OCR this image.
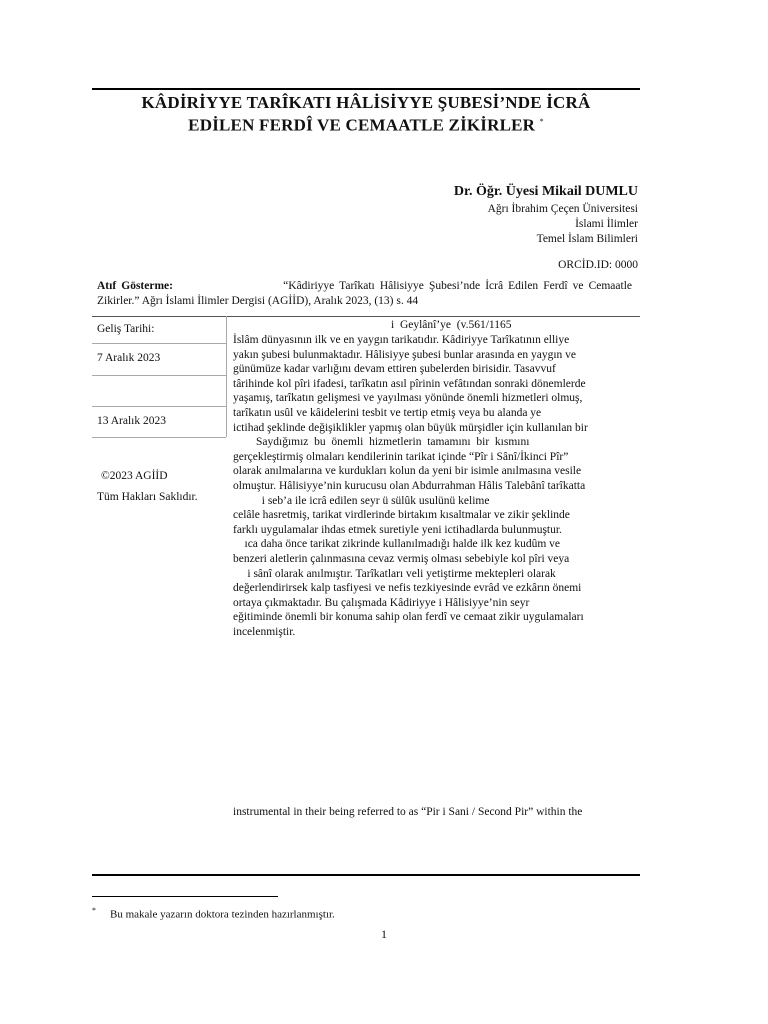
KÂDİRİYYE TARÎKATI HÂLİSİYYE ŞUBESİ’NDE İCRÂ
EDİLEN FERDÎ VE CEMAATLE ZİKİRLER *
Dr. Öğr. Üyesi Mikail DUMLU
Ağrı İbrahim Çeçen Üniversitesi
İslami İlimler
Temel İslam Bilimleri
ORCİD.ID: 0000
Atıf Gösterme:	“Kâdiriyye Tarîkatı Hâlisiyye Şubesi’nde İcrâ Edilen Ferdî ve Cemaatle Zikirler.” Ağrı İslami İlimler Dergisi (AGİİD), Aralık 2023, (13) s. 44
Geliş Tarihi:
7 Aralık 2023
13 Aralık 2023
©2023 AGİİD
Tüm Hakları Saklıdır.
i  Geylânî’ye  (v.561/1165
İslâm dünyasının ilk ve en yaygın tarikatıdır. Kâdiriyye Tarîkatının elliye
yakın şubesi bulunmaktadır. Hâlisiyye şubesi bunlar arasında en yaygın ve
günümüze kadar varlığını devam ettiren şubelerden birisidir. Tasavvuf
târihinde kol pîri ifadesi, tarîkatın asıl pîrinin vefâtından sonraki dönemlerde
yaşamış, tarîkatın gelişmesi ve yayılması yönünde önemli hizmetleri olmuş,
tarîkatın usûl ve kâidelerini tesbit ve tertip etmiş veya bu alanda ye
ictihad şeklinde değişiklikler yapmış olan büyük mürşidler için kullanılan bir
Saydığımız  bu  önemli  hizmetlerin  tamamını  bir  kısmını
gerçekleştirmiş olmaları kendilerinin tarikat içinde “Pîr i Sânî/İkinci Pîr”
olarak anılmalarına ve kurdukları kolun da yeni bir isimle anılmasına vesile
olmuştur. Hâlisiyye’nin kurucusu olan Abdurrahman Hâlis Talebânî tarîkatta
i seb’a ile icrâ edilen seyr ü sülûk usulünü kelime
celâle hasretmiş, tarikat virdlerinde birtakım kısaltmalar ve zikir şeklinde
farklı uygulamalar ihdas etmek suretiyle yeni ictihadlarda bulunmuştur.
ıca daha önce tarikat zikrinde kullanılmadığı halde ilk kez kudûm ve
benzeri aletlerin çalınmasına cevaz vermiş olması sebebiyle kol pîri veya
i sânî olarak anılmıştır. Tarîkatları veli yetiştirme mektepleri olarak
değerlendirirsek kalp tasfiyesi ve nefis tezkiyesinde evrâd ve ezkârın önemi
ortaya çıkmaktadır. Bu çalışmada Kâdiriyye i Hâlisiyye’nin seyr
eğitiminde önemli bir konuma sahip olan ferdî ve cemaat zikir uygulamaları
incelenmiştir.
instrumental in their being referred to as “Pir i Sani / Second Pir” within the
* Bu makale yazarın doktora tezinden hazırlanmıştır.
1
